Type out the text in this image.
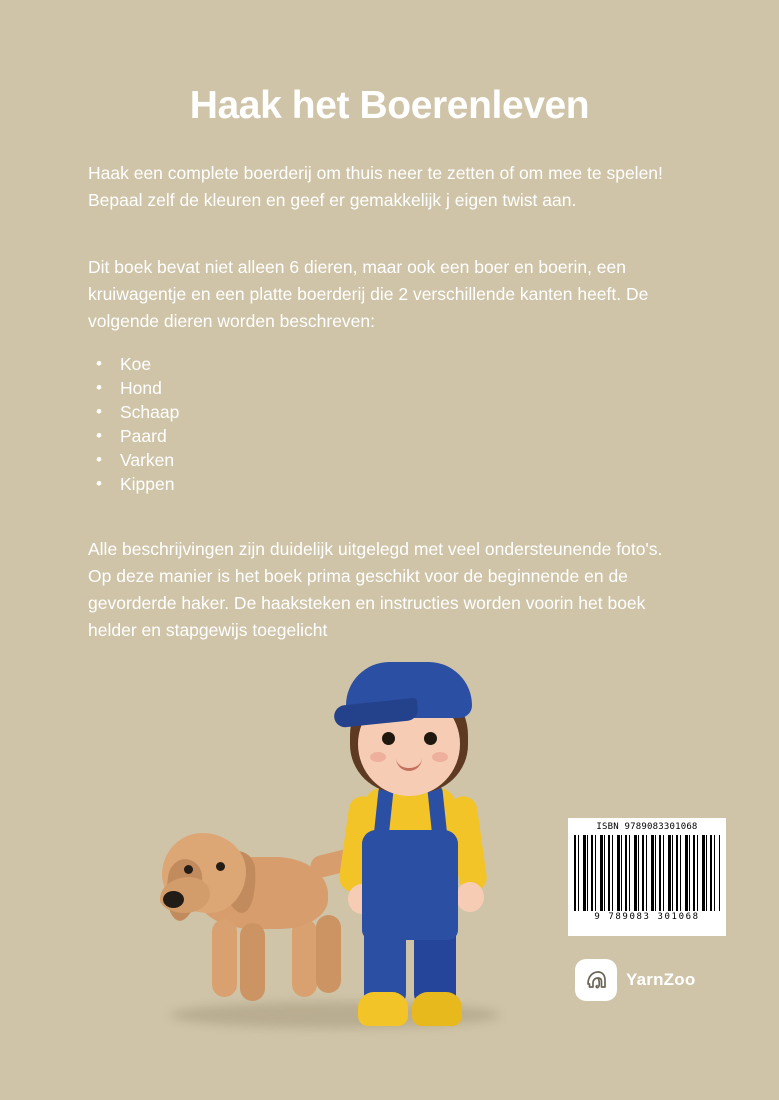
Haak het Boerenleven

Haak een complete boerderij om thuis neer te zetten of om mee te spelen! Bepaal zelf de kleuren en geef er gemakkelijk j eigen twist aan.

Dit boek bevat niet alleen 6 dieren, maar ook een boer en boerin, een kruiwagentje en een platte boerderij die 2 verschillende kanten heeft. De volgende dieren worden beschreven:

• Koe
• Hond
• Schaap
• Paard
• Varken
• Kippen

Alle beschrijvingen zijn duidelijk uitgelegd met veel ondersteunende foto's. Op deze manier is het boek prima geschikt voor de beginnende en de gevorderde haker. De haaksteken en instructies worden voorin het boek helder en stapgewijs toegelicht

ISBN 9789083301068
9 789083 301068
YarnZoo
